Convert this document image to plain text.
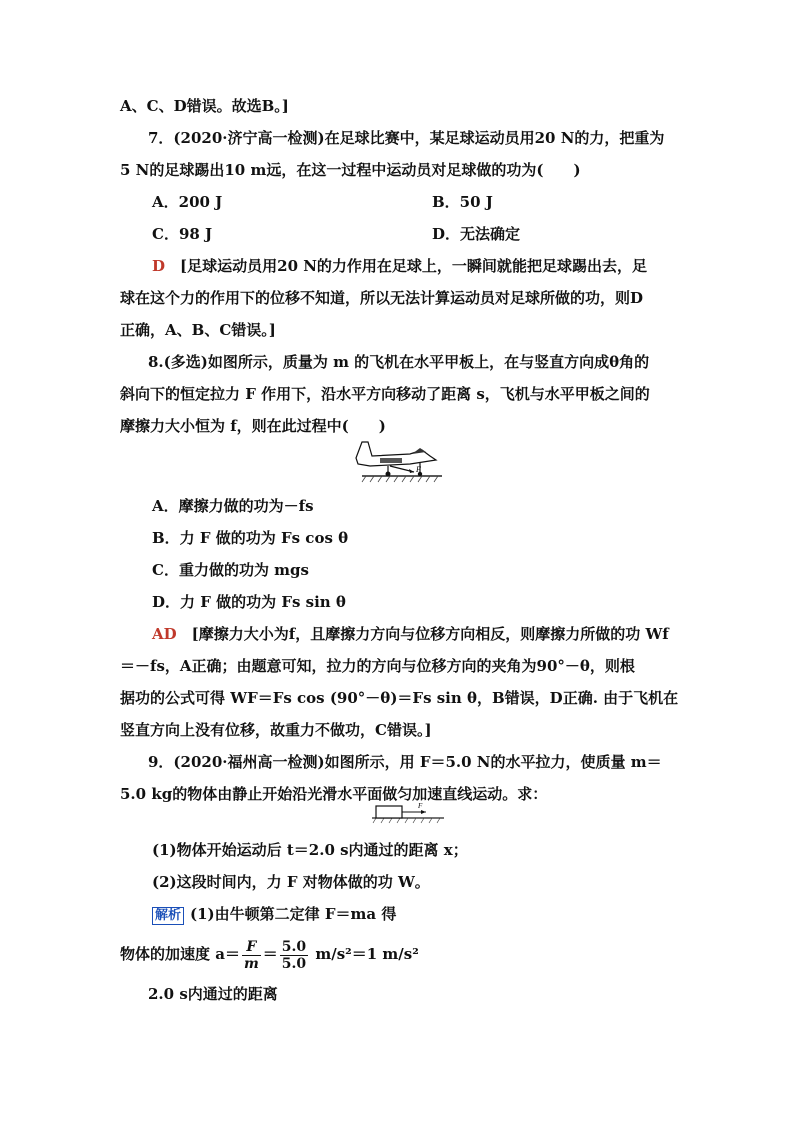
A、C、D错误。故选B。]
7．(2020·济宁高一检测)在足球比赛中，某足球运动员用20 N的力，把重为
5 N的足球踢出10 m远，在这一过程中运动员对足球做的功为(　　)
A．200 J	B．50 J
C．98 J	D．无法确定
D　 [足球运动员用20 N的力作用在足球上，一瞬间就能把足球踢出去，足
球在这个力的作用下的位移不知道，所以无法计算运动员对足球所做的功，则D
正确，A、B、C错误。]
8.(多选)如图所示，质量为 m 的飞机在水平甲板上，在与竖直方向成θ角的
斜向下的恒定拉力 F 作用下，沿水平方向移动了距离 s，飞机与水平甲板之间的
摩擦力大小恒为 f，则在此过程中(　　)
F
A．摩擦力做的功为－fs
B．力 F 做的功为 Fs cos θ
C．重力做的功为 mgs
D．力 F 做的功为 Fs sin θ
AD　 [摩擦力大小为f，且摩擦力方向与位移方向相反，则摩擦力所做的功 Wf
＝－fs，A正确；由题意可知，拉力的方向与位移方向的夹角为90°－θ，则根
据功的公式可得 WF＝Fs cos (90°－θ)＝Fs sin θ，B错误，D正确. 由于飞机在
竖直方向上没有位移，故重力不做功，C错误。]
9．(2020·福州高一检测)如图所示，用 F＝5.0 N的水平拉力，使质量 m＝
5.0 kg的物体由静止开始沿光滑水平面做匀加速直线运动。求：
F
(1)物体开始运动后 t＝2.0 s内通过的距离 x；
(2)这段时间内，力 F 对物体做的功 W。
解析 (1)由牛顿第二定律 F＝ma 得
物体的加速度 $a= \frac{F}{m} = \frac{5.0}{5.0} m/s^2=1$ m/s²
2.0 s内通过的距离
